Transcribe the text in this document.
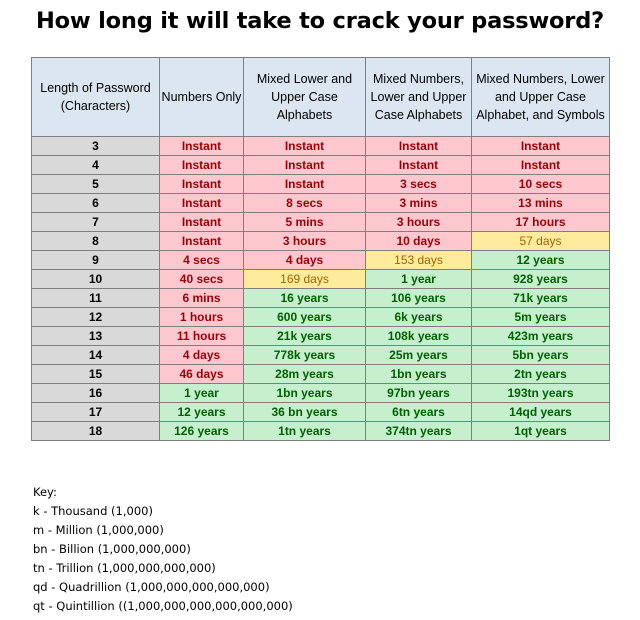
How long it will take to crack your password?
Length of Password (Characters)	Numbers Only	Mixed Lower and Upper Case Alphabets	Mixed Numbers, Lower and Upper Case Alphabets	Mixed Numbers, Lower and Upper Case Alphabet, and Symbols
3	Instant	Instant	Instant	Instant
4	Instant	Instant	Instant	Instant
5	Instant	Instant	3 secs	10 secs
6	Instant	8 secs	3 mins	13 mins
7	Instant	5 mins	3 hours	17 hours
8	Instant	3 hours	10 days	57 days
9	4 secs	4 days	153 days	12 years
10	40 secs	169 days	1 year	928 years
11	6 mins	16 years	106 years	71k years
12	1 hours	600 years	6k years	5m years
13	11 hours	21k years	108k years	423m years
14	4 days	778k years	25m years	5bn years
15	46 days	28m years	1bn years	2tn years
16	1 year	1bn years	97bn years	193tn years
17	12 years	36 bn years	6tn years	14qd years
18	126 years	1tn years	374tn years	1qt years
Key:
k - Thousand (1,000)
m - Million (1,000,000)
bn - Billion (1,000,000,000)
tn - Trillion (1,000,000,000,000)
qd - Quadrillion (1,000,000,000,000,000)
qt - Quintillion ((1,000,000,000,000,000,000)
